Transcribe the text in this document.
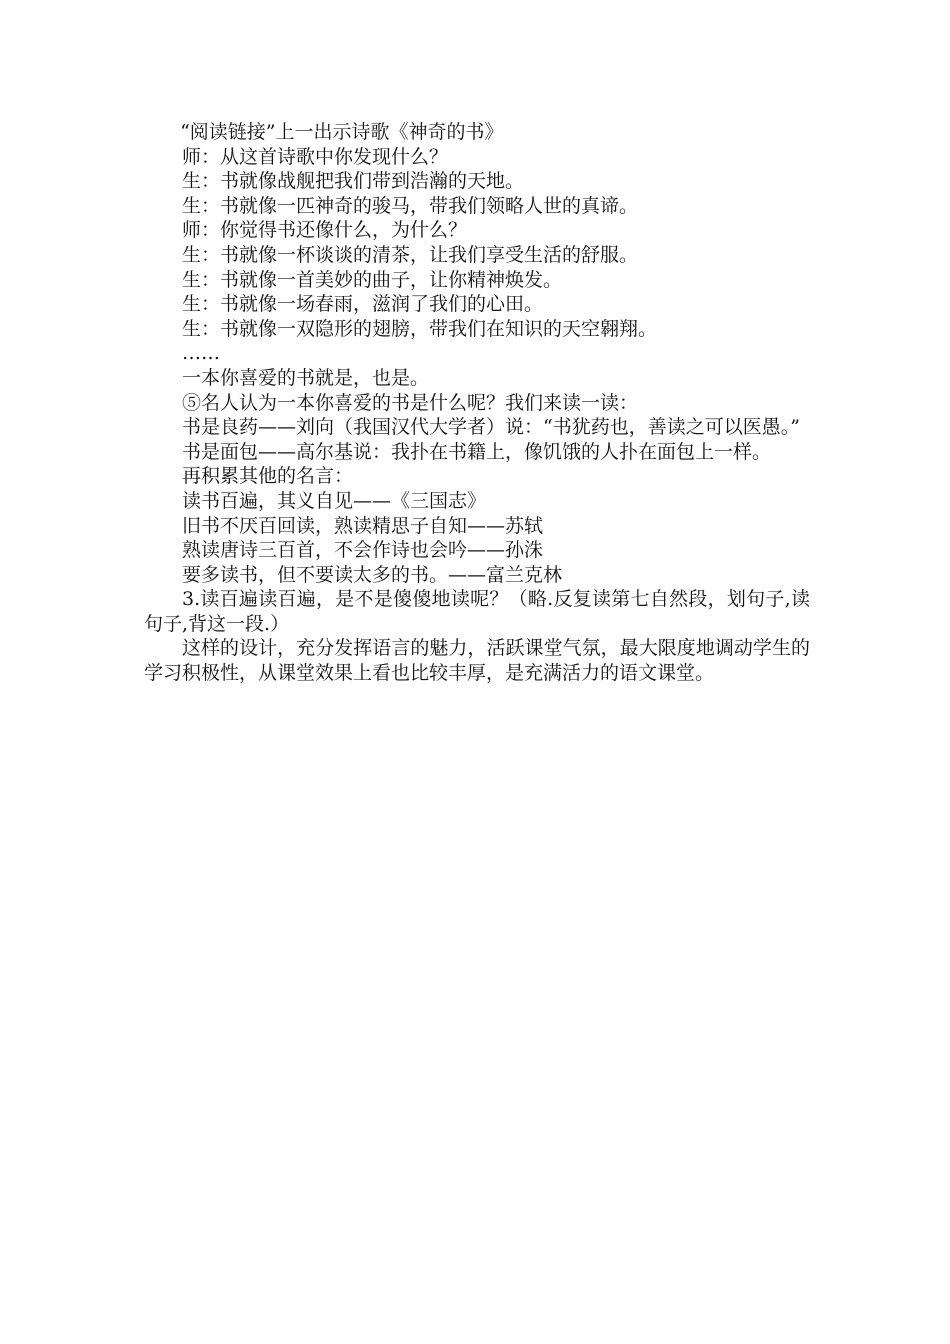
“阅读链接”上一出示诗歌《神奇的书》

师：从这首诗歌中你发现什么？

生：书就像战舰把我们带到浩瀚的天地。

生：书就像一匹神奇的骏马，带我们领略人世的真谛。

师：你觉得书还像什么，为什么？

生：书就像一杯谈谈的清茶，让我们享受生活的舒服。

生：书就像一首美妙的曲子，让你精神焕发。

生：书就像一场春雨，滋润了我们的心田。

生：书就像一双隐形的翅膀，带我们在知识的天空翱翔。

……

一本你喜爱的书就是，也是。

⑤名人认为一本你喜爱的书是什么呢？我们来读一读：

书是良药——刘向（我国汉代大学者）说：“书犹药也，善读之可以医愚。”

书是面包——高尔基说：我扑在书籍上，像饥饿的人扑在面包上一样。

再积累其他的名言：

读书百遍，其义自见——《三国志》

旧书不厌百回读，熟读精思子自知——苏轼

熟读唐诗三百首，不会作诗也会吟——孙洙

要多读书，但不要读太多的书。——富兰克林

3.读百遍读百遍，是不是傻傻地读呢？（略.反复读第七自然段，划句子,读句子,背这一段.）

这样的设计，充分发挥语言的魅力，活跃课堂气氛，最大限度地调动学生的学习积极性，从课堂效果上看也比较丰厚，是充满活力的语文课堂。
